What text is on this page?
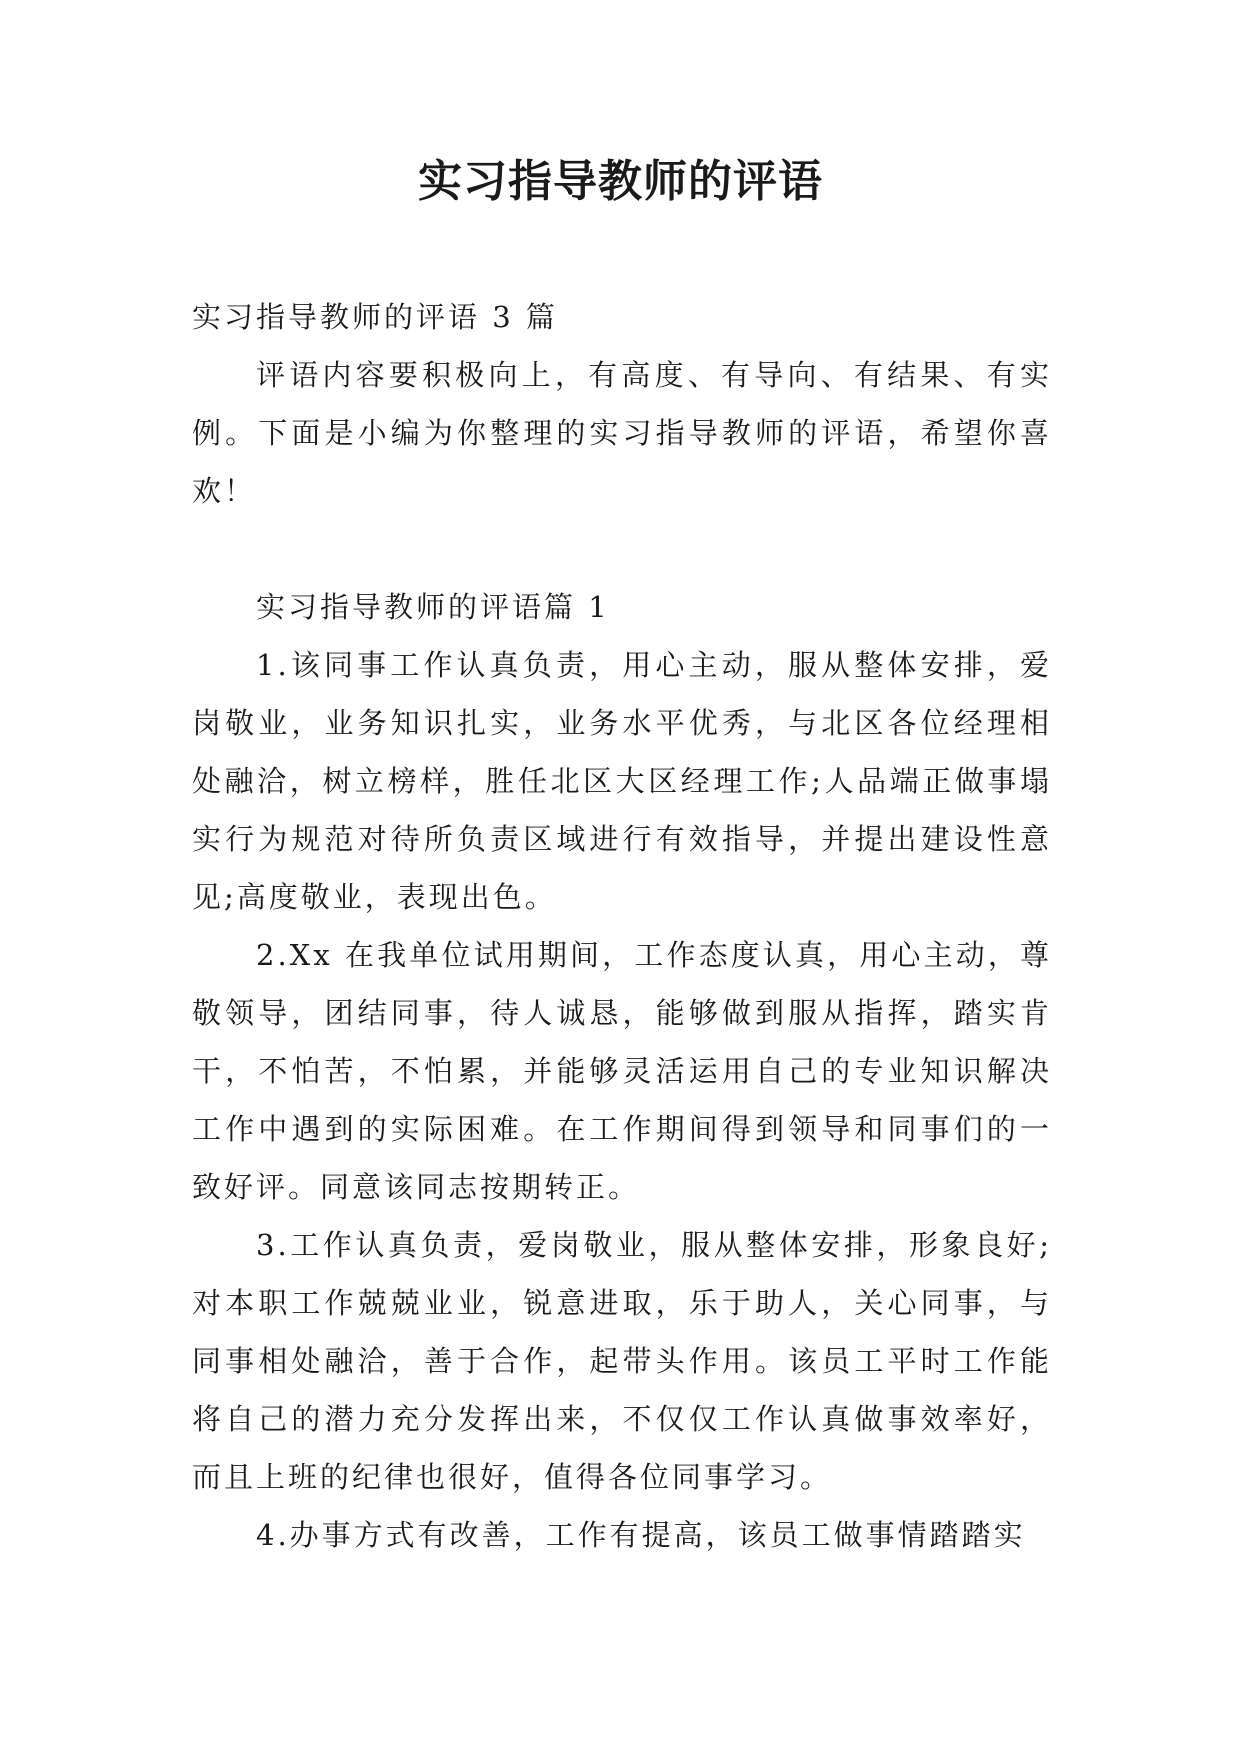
实习指导教师的评语

实习指导教师的评语 3 篇

评语内容要积极向上，有高度、有导向、有结果、有实例。下面是小编为你整理的实习指导教师的评语，希望你喜欢！

实习指导教师的评语篇 1

1.该同事工作认真负责，用心主动，服从整体安排，爱岗敬业，业务知识扎实，业务水平优秀，与北区各位经理相处融洽，树立榜样，胜任北区大区经理工作;人品端正做事塌实行为规范对待所负责区域进行有效指导，并提出建设性意见;高度敬业，表现出色。

2.Xx 在我单位试用期间，工作态度认真，用心主动，尊敬领导，团结同事，待人诚恳，能够做到服从指挥，踏实肯干，不怕苦，不怕累，并能够灵活运用自己的专业知识解决工作中遇到的实际困难。在工作期间得到领导和同事们的一致好评。同意该同志按期转正。

3.工作认真负责，爱岗敬业，服从整体安排，形象良好;对本职工作兢兢业业，锐意进取，乐于助人，关心同事，与同事相处融洽，善于合作，起带头作用。该员工平时工作能将自己的潜力充分发挥出来，不仅仅工作认真做事效率好，而且上班的纪律也很好，值得各位同事学习。

4.办事方式有改善，工作有提高，该员工做事情踏踏实
